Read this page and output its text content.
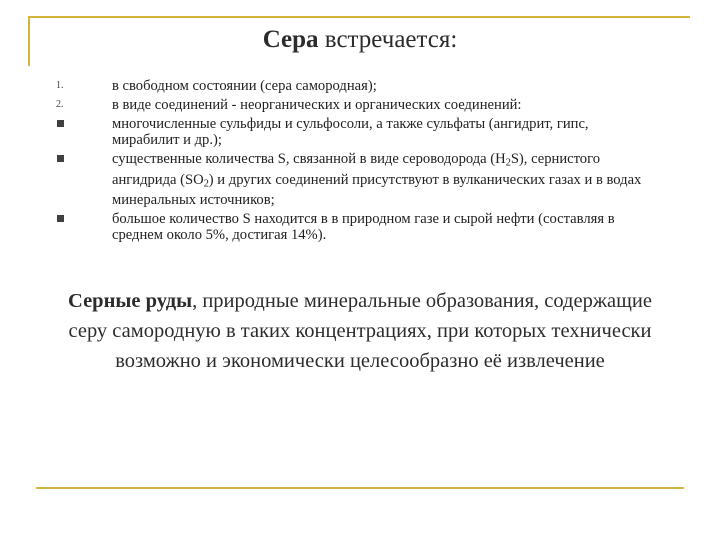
Сера встречается:
1.	в свободном состоянии (сера самородная);
2.	в виде соединений - неорганических и органических соединений:
многочисленные сульфиды и сульфосоли, а также сульфаты (ангидрит, гипс, мирабилит и др.);
существенные количества S, связанной в виде сероводорода $(H_2S)$, сернистого ангидрида $(SO_2)$ и других соединений присутствуют в вулканических газах и в водах минеральных источников;
большое количество S находится в в природном газе и сырой нефти (составляя в среднем около 5%, достигая 14%).
Серные руды, природные минеральные образования, содержащие серу самородную в таких концентрациях, при которых технически возможно и экономически целесообразно её извлечение
